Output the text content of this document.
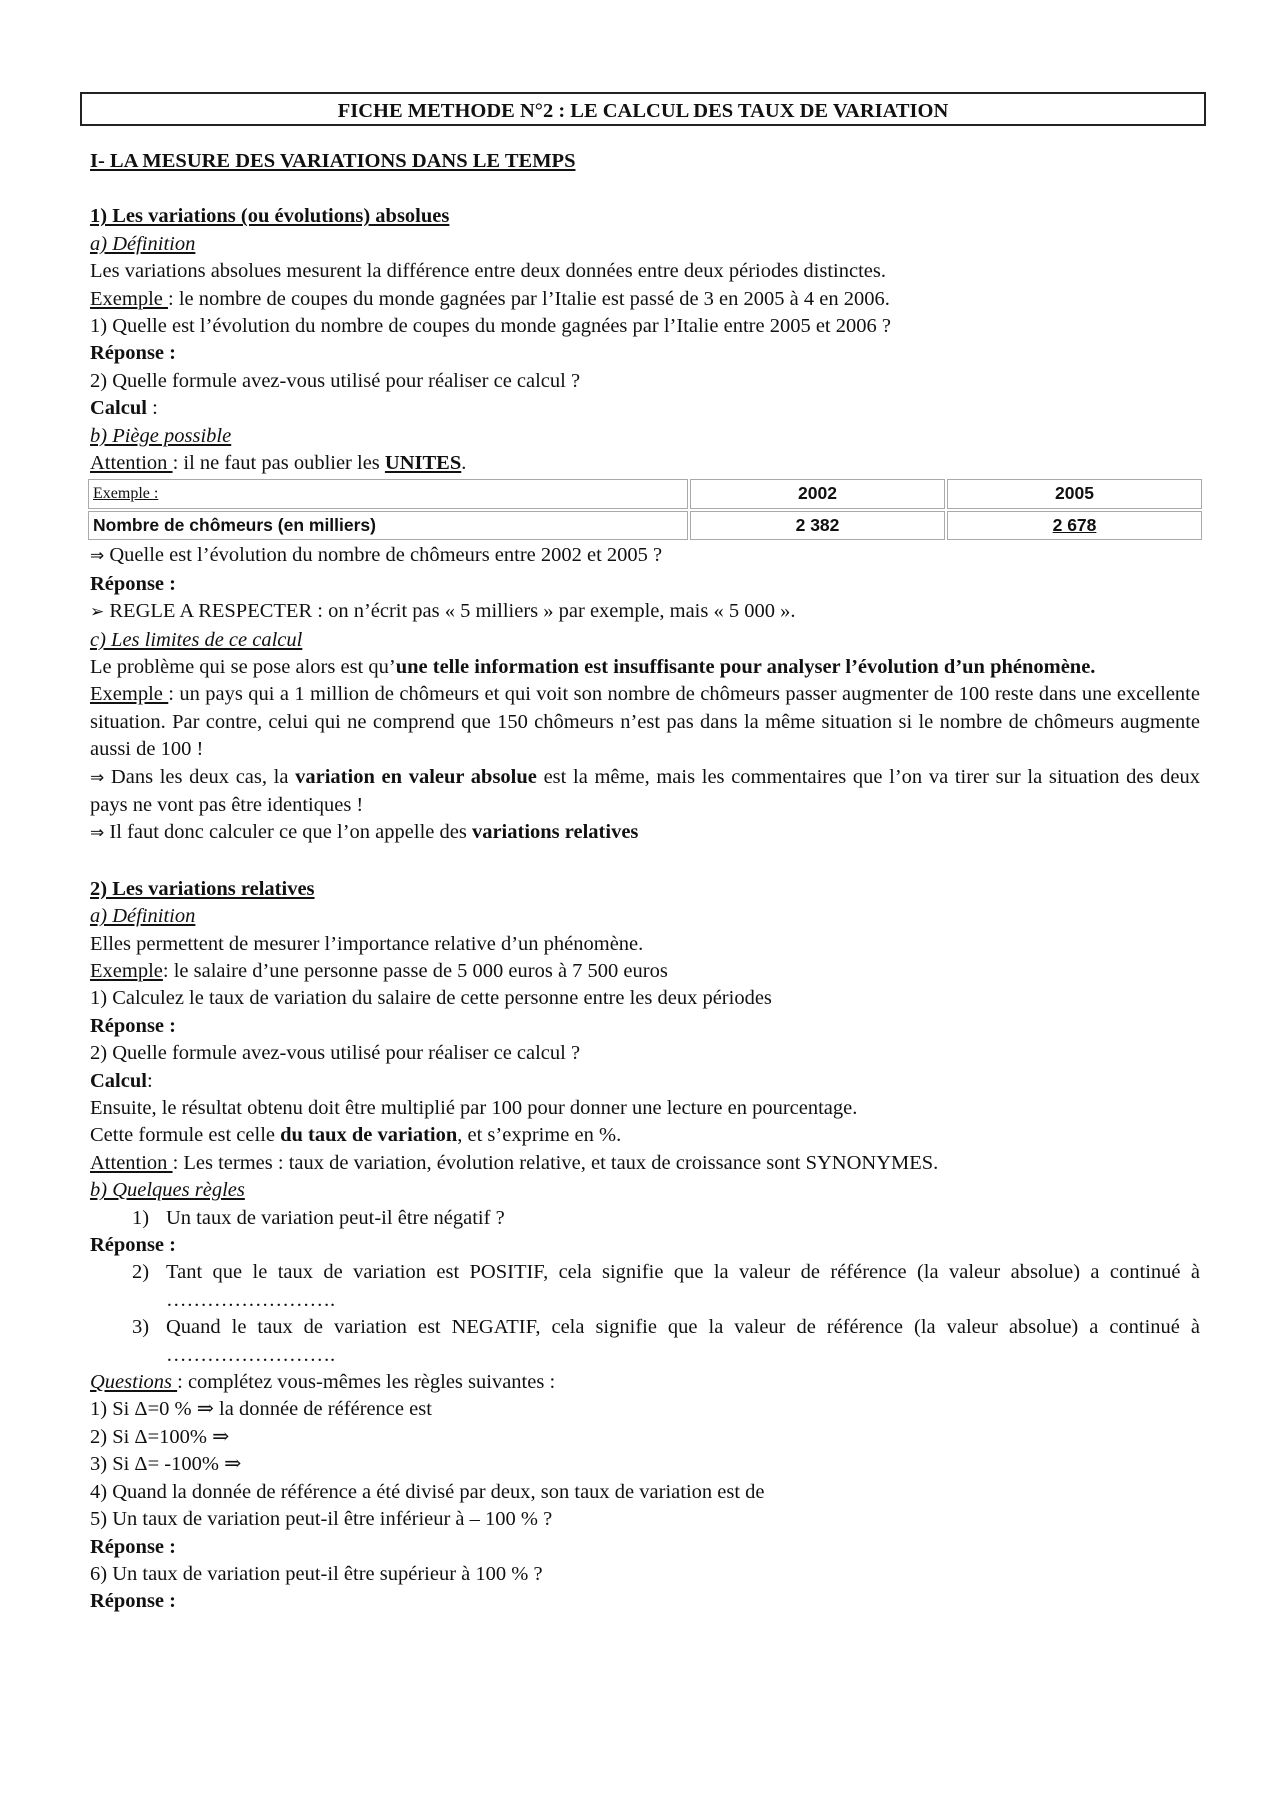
FICHE METHODE N°2 : LE CALCUL DES TAUX DE VARIATION
I- LA MESURE DES VARIATIONS DANS LE TEMPS
1) Les variations (ou évolutions) absolues
a) Définition
Les variations absolues mesurent la différence entre deux données entre deux périodes distinctes.
Exemple : le nombre de coupes du monde gagnées par l’Italie est passé de 3 en 2005 à 4 en 2006.
1) Quelle est l’évolution du nombre de coupes du monde gagnées par l’Italie entre 2005 et 2006 ?
Réponse :
2) Quelle formule avez-vous utilisé pour réaliser ce calcul ?
Calcul :
b) Piège possible
Attention : il ne faut pas oublier les UNITES.
Exemple :	2002	2005
Nombre de chômeurs (en milliers)	2 382	2 678
⇒ Quelle est l’évolution du nombre de chômeurs entre 2002 et 2005 ?
Réponse :
➢ REGLE A RESPECTER : on n’écrit pas « 5 milliers » par exemple, mais « 5 000 ».
c) Les limites de ce calcul
Le problème qui se pose alors est qu’une telle information est insuffisante pour analyser l’évolution d’un phénomène.
Exemple : un pays qui a 1 million de chômeurs et qui voit son nombre de chômeurs passer augmenter de 100 reste dans une excellente situation. Par contre, celui qui ne comprend que 150 chômeurs n’est pas dans la même situation si le nombre de chômeurs augmente aussi de 100 !
⇒ Dans les deux cas, la variation en valeur absolue est la même, mais les commentaires que l’on va tirer sur la situation des deux pays ne vont pas être identiques !
⇒ Il faut donc calculer ce que l’on appelle des variations relatives
2) Les variations relatives
a) Définition
Elles permettent de mesurer l’importance relative d’un phénomène.
Exemple: le salaire d’une personne passe de 5 000 euros à 7 500 euros
1) Calculez le taux de variation du salaire de cette personne entre les deux périodes
Réponse :
2) Quelle formule avez-vous utilisé pour réaliser ce calcul ?
Calcul:
Ensuite, le résultat obtenu doit être multiplié par 100 pour donner une lecture en pourcentage.
Cette formule est celle du taux de variation, et s’exprime en %.
Attention : Les termes : taux de variation, évolution relative, et taux de croissance sont SYNONYMES.
b) Quelques règles
1) Un taux de variation peut-il être négatif ?
Réponse :
2) Tant que le taux de variation est POSITIF, cela signifie que la valeur de référence (la valeur absolue) a continué à …………………….
3) Quand le taux de variation est NEGATIF, cela signifie que la valeur de référence (la valeur absolue) a continué à …………………….
Questions : complétez vous-mêmes les règles suivantes :
1) Si Δ=0 % ⇒ la donnée de référence est
2) Si Δ=100% ⇒
3) Si Δ= -100% ⇒
4) Quand la donnée de référence a été divisé par deux, son taux de variation est de
5) Un taux de variation peut-il être inférieur à – 100 % ?
Réponse :
6) Un taux de variation peut-il être supérieur à 100 % ?
Réponse :
